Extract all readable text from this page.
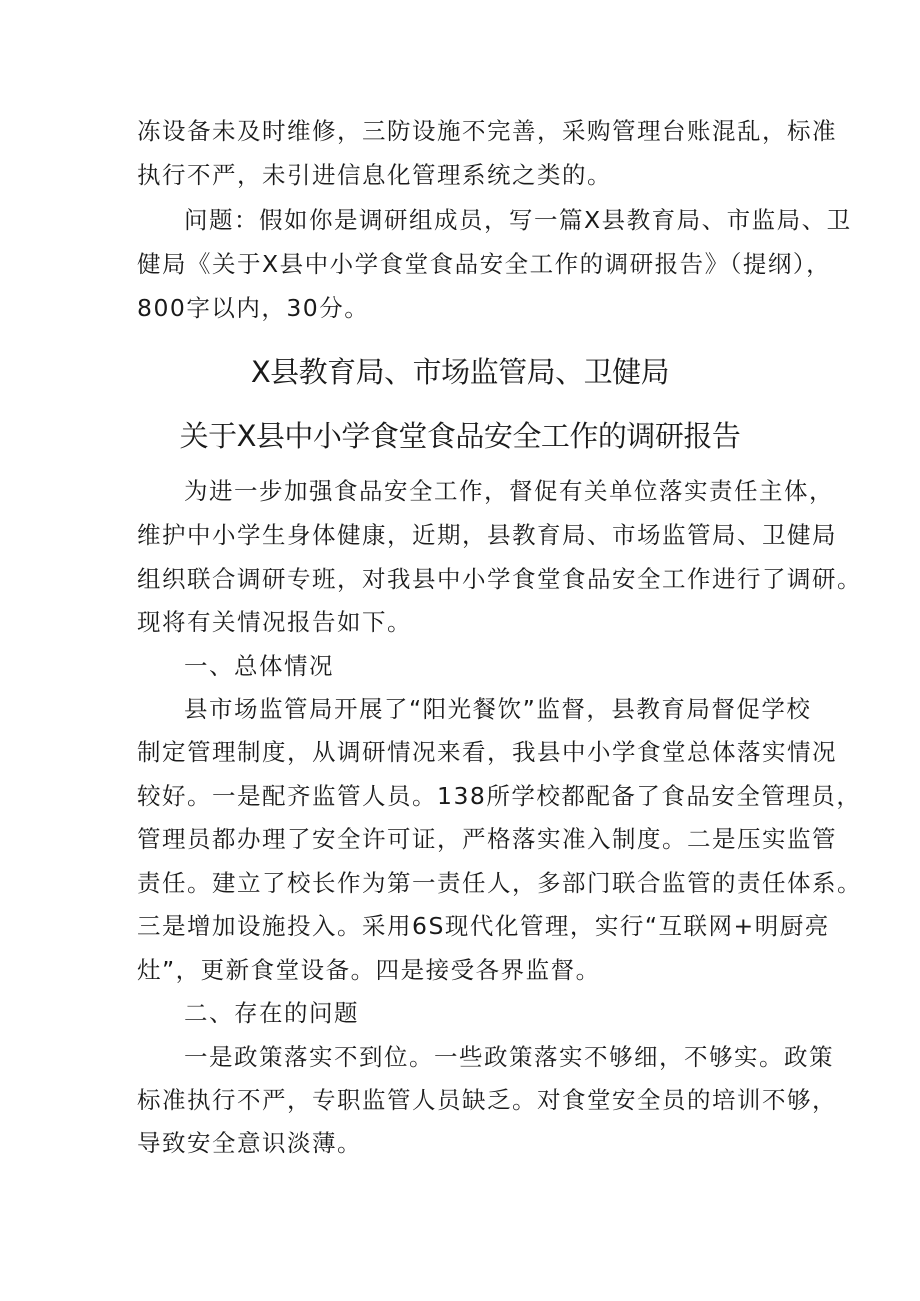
冻设备未及时维修，三防设施不完善，采购管理台账混乱，标准
执行不严，未引进信息化管理系统之类的。
问题：假如你是调研组成员，写一篇X县教育局、市监局、卫
健局《关于X县中小学食堂食品安全工作的调研报告》（提纲），
800字以内，30分。
X县教育局、市场监管局、卫健局
关于X县中小学食堂食品安全工作的调研报告
为进一步加强食品安全工作，督促有关单位落实责任主体，
维护中小学生身体健康，近期，县教育局、市场监管局、卫健局
组织联合调研专班，对我县中小学食堂食品安全工作进行了调研。
现将有关情况报告如下。
一、总体情况
县市场监管局开展了“阳光餐饮”监督，县教育局督促学校
制定管理制度，从调研情况来看，我县中小学食堂总体落实情况
较好。一是配齐监管人员。138所学校都配备了食品安全管理员，
管理员都办理了安全许可证，严格落实准入制度。二是压实监管
责任。建立了校长作为第一责任人，多部门联合监管的责任体系。
三是增加设施投入。采用6S现代化管理，实行“互联网+明厨亮
灶”，更新食堂设备。四是接受各界监督。
二、存在的问题
一是政策落实不到位。一些政策落实不够细，不够实。政策
标准执行不严，专职监管人员缺乏。对食堂安全员的培训不够，
导致安全意识淡薄。
